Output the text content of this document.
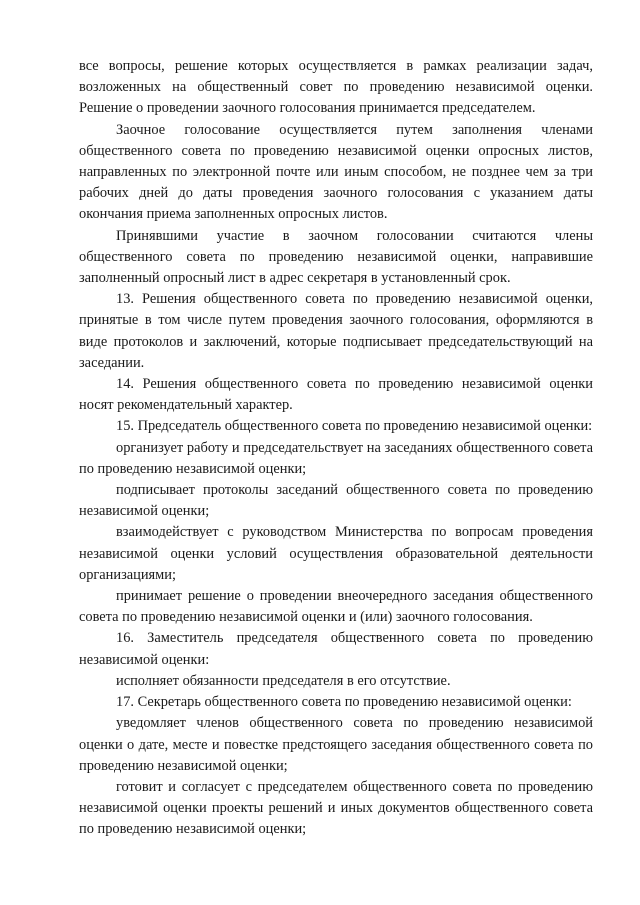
все вопросы, решение которых осуществляется в рамках реализации задач, возложенных на общественный совет по проведению независимой оценки. Решение о проведении заочного голосования принимается председателем.

Заочное голосование осуществляется путем заполнения членами общественного совета по проведению независимой оценки опросных листов, направленных по электронной почте или иным способом, не позднее чем за три рабочих дней до даты проведения заочного голосования с указанием даты окончания приема заполненных опросных листов.

Принявшими участие в заочном голосовании считаются члены общественного совета по проведению независимой оценки, направившие заполненный опросный лист в адрес секретаря в установленный срок.

13. Решения общественного совета по проведению независимой оценки, принятые в том числе путем проведения заочного голосования, оформляются в виде протоколов и заключений, которые подписывает председательствующий на заседании.

14. Решения общественного совета по проведению независимой оценки носят рекомендательный характер.

15. Председатель общественного совета по проведению независимой оценки:

организует работу и председательствует на заседаниях общественного совета по проведению независимой оценки;

подписывает протоколы заседаний общественного совета по проведению независимой оценки;

взаимодействует с руководством Министерства по вопросам проведения независимой оценки условий осуществления образовательной деятельности организациями;

принимает решение о проведении внеочередного заседания общественного совета по проведению независимой оценки и (или) заочного голосования.

16. Заместитель председателя общественного совета по проведению независимой оценки:

исполняет обязанности председателя в его отсутствие.

17. Секретарь общественного совета по проведению независимой оценки:

уведомляет членов общественного совета по проведению независимой оценки о дате, месте и повестке предстоящего заседания общественного совета по проведению независимой оценки;

готовит и согласует с председателем общественного совета по проведению независимой оценки проекты решений и иных документов общественного совета по проведению независимой оценки;
